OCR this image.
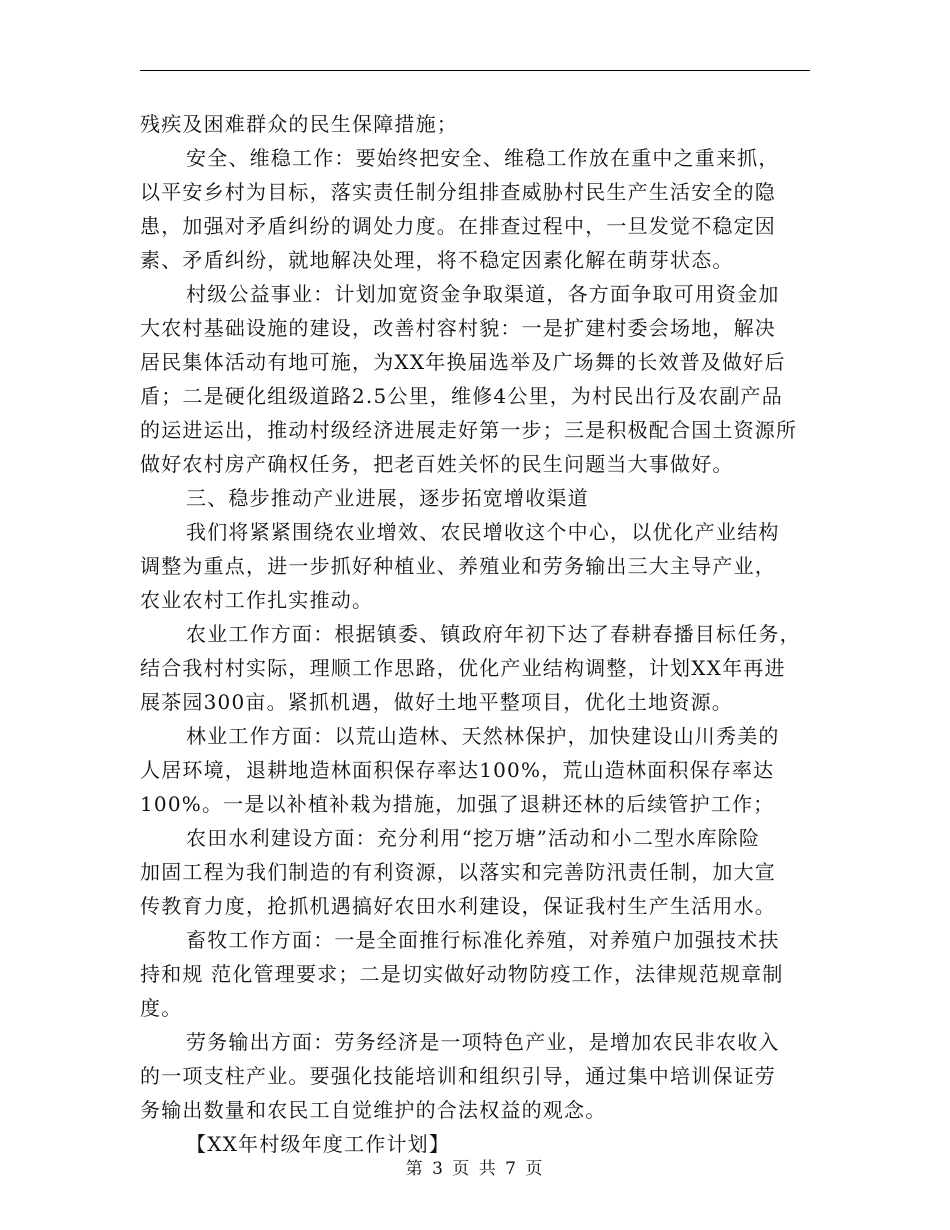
残疾及困难群众的民生保障措施；
安全、维稳工作：要始终把安全、维稳工作放在重中之重来抓，
以平安乡村为目标，落实责任制分组排查威胁村民生产生活安全的隐
患，加强对矛盾纠纷的调处力度。在排查过程中，一旦发觉不稳定因
素、矛盾纠纷，就地解决处理，将不稳定因素化解在萌芽状态。
村级公益事业：计划加宽资金争取渠道，各方面争取可用资金加
大农村基础设施的建设，改善村容村貌：一是扩建村委会场地，解决
居民集体活动有地可施，为XX年换届选举及广场舞的长效普及做好后
盾；二是硬化组级道路2.5公里，维修4公里，为村民出行及农副产品
的运进运出，推动村级经济进展走好第一步；三是积极配合国土资源所
做好农村房产确权任务，把老百姓关怀的民生问题当大事做好。
三、稳步推动产业进展，逐步拓宽增收渠道
我们将紧紧围绕农业增效、农民增收这个中心，以优化产业结构
调整为重点，进一步抓好种植业、养殖业和劳务输出三大主导产业，
农业农村工作扎实推动。
农业工作方面：根据镇委、镇政府年初下达了春耕春播目标任务，
结合我村村实际，理顺工作思路，优化产业结构调整，计划XX年再进
展茶园300亩。紧抓机遇，做好土地平整项目，优化土地资源。
林业工作方面：以荒山造林、天然林保护，加快建设山川秀美的
人居环境，退耕地造林面积保存率达100%，荒山造林面积保存率达
100%。一是以补植补栽为措施，加强了退耕还林的后续管护工作；
农田水利建设方面：充分利用“挖万塘”活动和小二型水库除险
加固工程为我们制造的有利资源，以落实和完善防汛责任制，加大宣
传教育力度，抢抓机遇搞好农田水利建设，保证我村生产生活用水。
畜牧工作方面：一是全面推行标准化养殖，对养殖户加强技术扶
持和规 范化管理要求；二是切实做好动物防疫工作，法律规范规章制
度。
劳务输出方面：劳务经济是一项特色产业，是增加农民非农收入
的一项支柱产业。要强化技能培训和组织引导，通过集中培训保证劳
务输出数量和农民工自觉维护的合法权益的观念。
【XX年村级年度工作计划】
第 3 页 共 7 页
